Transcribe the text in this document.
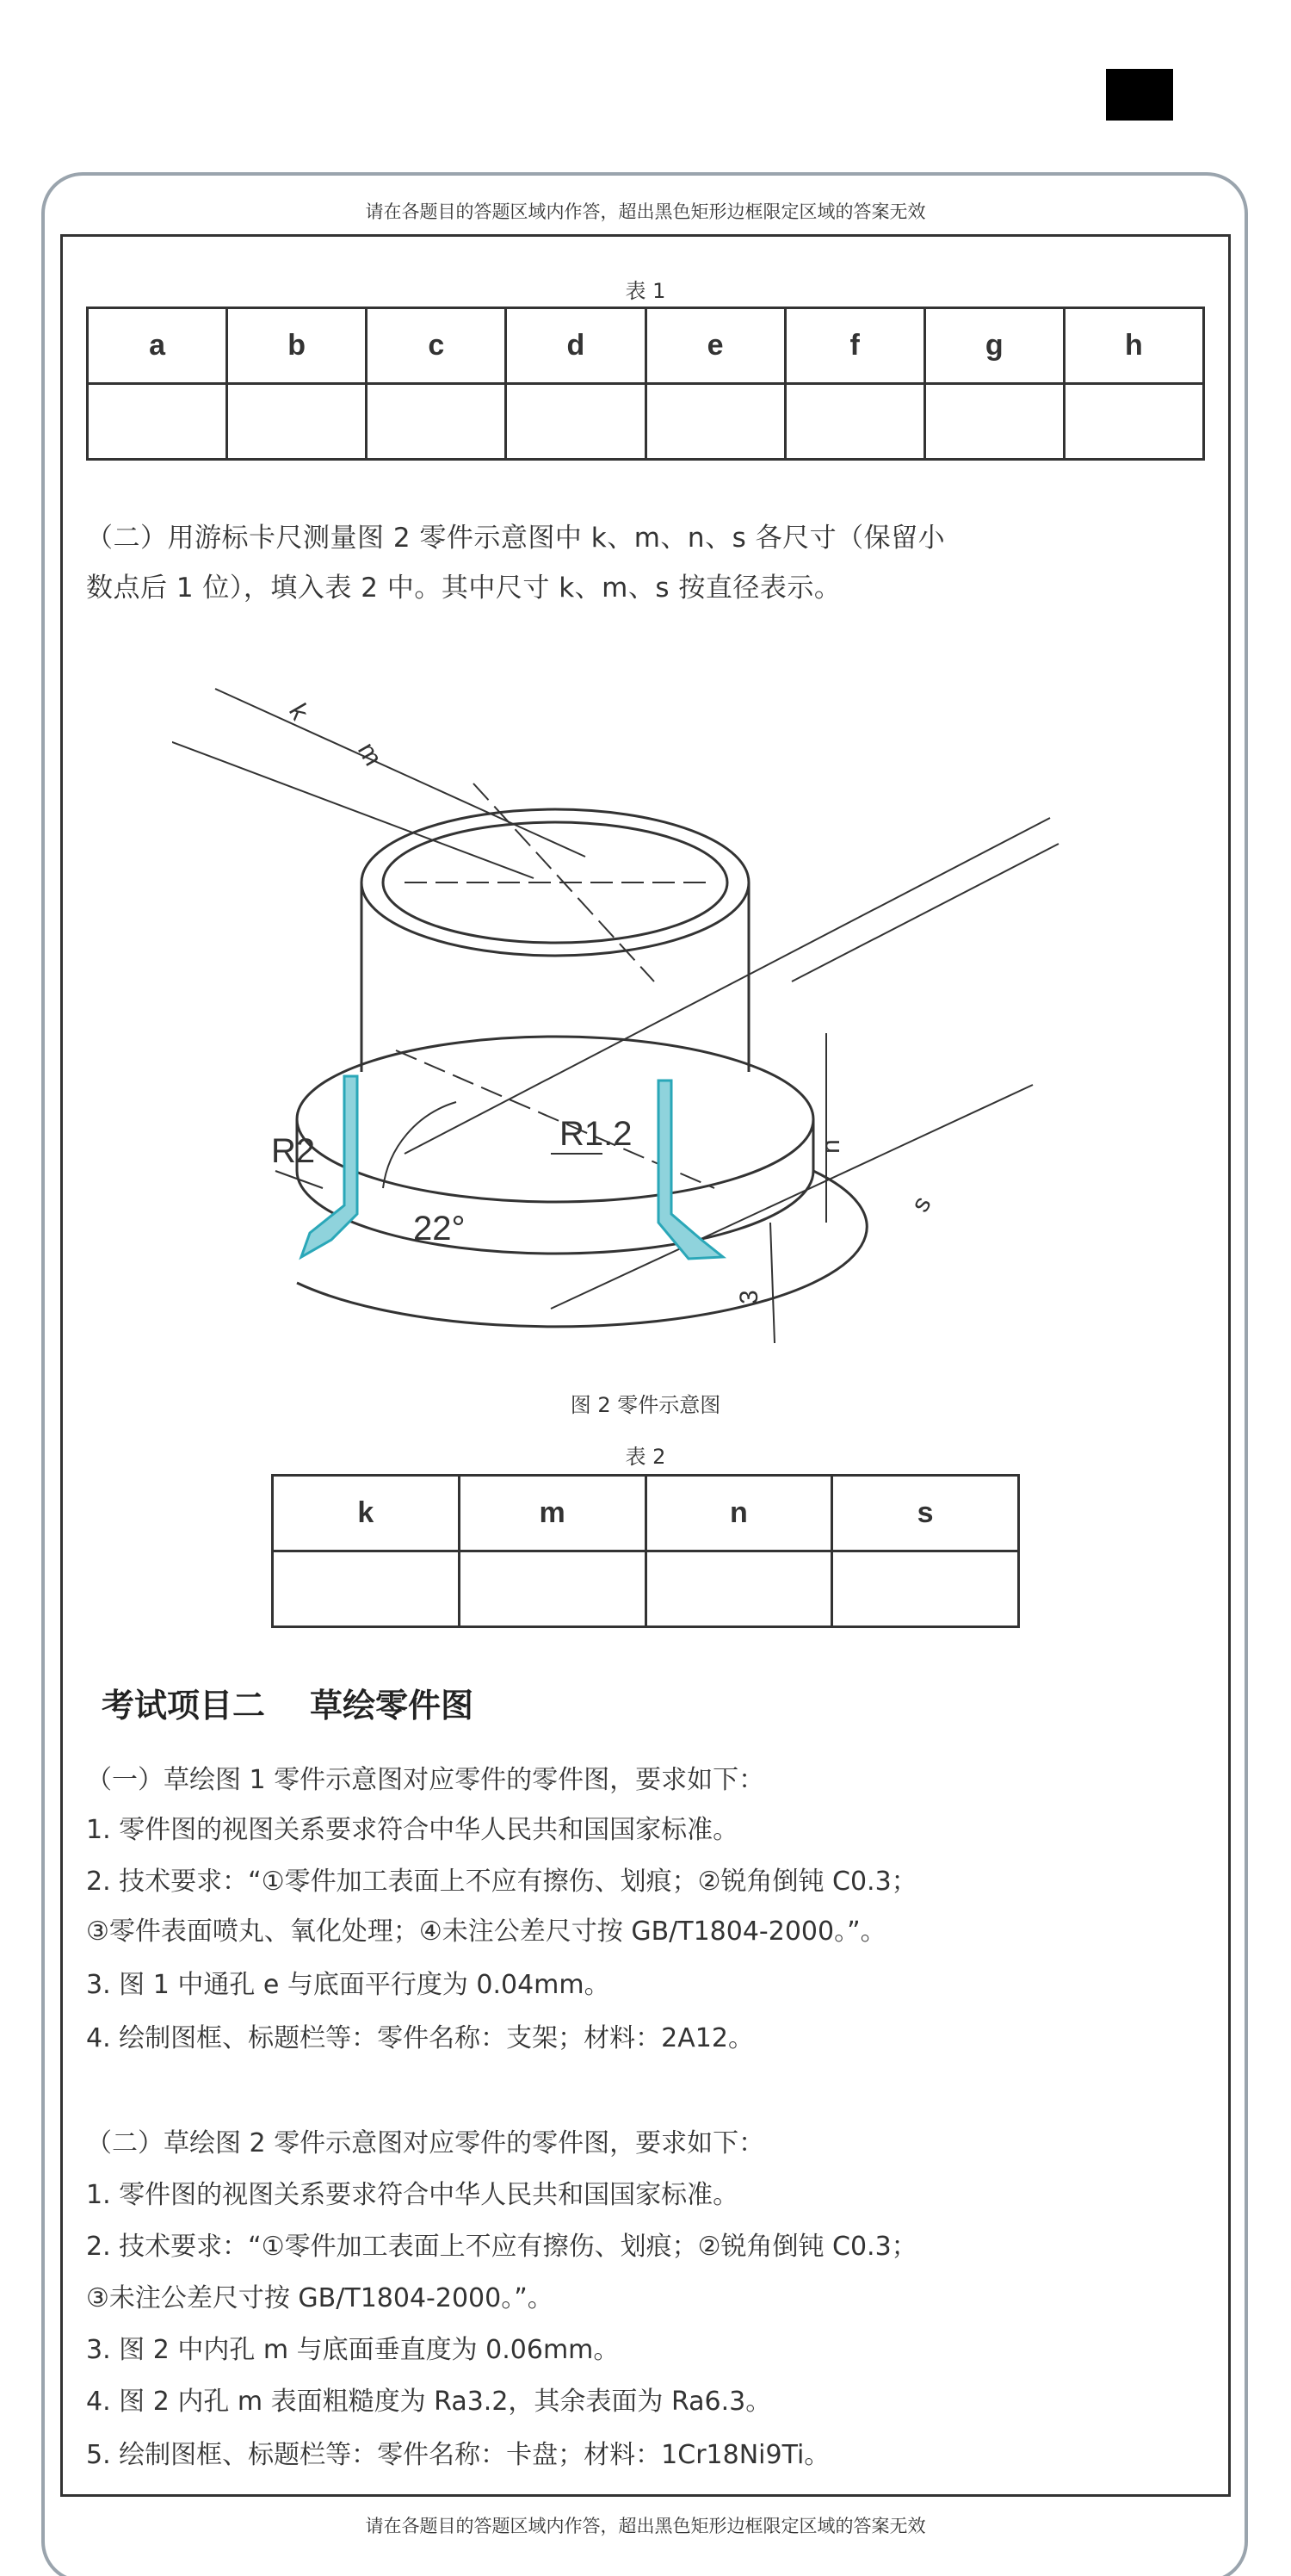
请在各题目的答题区域内作答，超出黑色矩形边框限定区域的答案无效
表 1
a	b	c	d	e	f	g	h

（二）用游标卡尺测量图 2 零件示意图中 k、m、n、s 各尺寸（保留小
数点后 1 位），填入表 2 中。其中尺寸 k、m、s 按直径表示。
R2	R1.2
22°
k
m
n
3
s
图 2 零件示意图
表 2
k	m	n	s

考试项目二 草绘零件图
（一）草绘图 1 零件示意图对应零件的零件图，要求如下：
1. 零件图的视图关系要求符合中华人民共和国国家标准。
2. 技术要求：“①零件加工表面上不应有擦伤、划痕；②锐角倒钝 C0.3；
③零件表面喷丸、氧化处理；④未注公差尺寸按 GB/T1804-2000。”。
3. 图 1 中通孔 e 与底面平行度为 0.04mm。
4. 绘制图框、标题栏等：零件名称：支架；材料：2A12。
（二）草绘图 2 零件示意图对应零件的零件图，要求如下：
1. 零件图的视图关系要求符合中华人民共和国国家标准。
2. 技术要求：“①零件加工表面上不应有擦伤、划痕；②锐角倒钝 C0.3；
③未注公差尺寸按 GB/T1804-2000。”。
3. 图 2 中内孔 m 与底面垂直度为 0.06mm。
4. 图 2 内孔 m 表面粗糙度为 Ra3.2，其余表面为 Ra6.3。
5. 绘制图框、标题栏等：零件名称：卡盘；材料：1Cr18Ni9Ti。
请在各题目的答题区域内作答，超出黑色矩形边框限定区域的答案无效
